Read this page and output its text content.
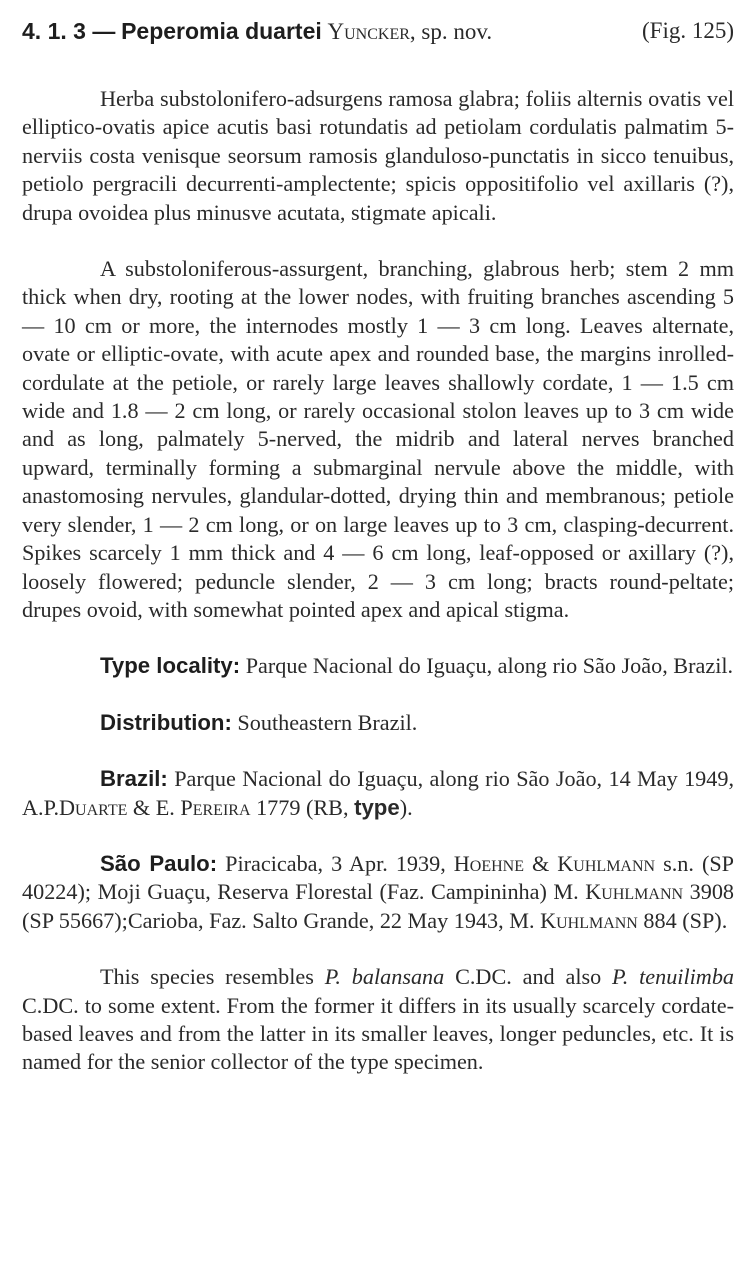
4. 1. 3 — Peperomia duartei Yuncker, sp. nov.	(Fig. 125)

Herba substolonifero-adsurgens ramosa glabra; foliis alternis ovatis vel elliptico-ovatis apice acutis basi rotundatis ad petiolam cordulatis palmatim 5-nerviis costa venisque seorsum ramosis glanduloso-punctatis in sicco tenuibus, petiolo pergracili decurrenti-amplectente; spicis oppositifolio vel axillaris (?), drupa ovoidea plus minusve acutata, stigmate apicali.

A substoloniferous-assurgent, branching, glabrous herb; stem 2 mm thick when dry, rooting at the lower nodes, with fruiting branches ascending 5 — 10 cm or more, the internodes mostly 1 — 3 cm long. Leaves alternate, ovate or elliptic-ovate, with acute apex and rounded base, the margins inrolled-cordulate at the petiole, or rarely large leaves shallowly cordate, 1 — 1.5 cm wide and 1.8 — 2 cm long, or rarely occasional stolon leaves up to 3 cm wide and as long, palmately 5-nerved, the midrib and lateral nerves branched upward, terminally forming a submarginal nervule above the middle, with anastomosing nervules, glandular-dotted, drying thin and membranous; petiole very slender, 1 — 2 cm long, or on large leaves up to 3 cm, clasping-decurrent. Spikes scarcely 1 mm thick and 4 — 6 cm long, leaf-opposed or axillary (?), loosely flowered; peduncle slender, 2 — 3 cm long; bracts round-peltate; drupes ovoid, with somewhat pointed apex and apical stigma.

Type locality: Parque Nacional do Iguaçu, along rio São João, Brazil.

Distribution: Southeastern Brazil.

Brazil: Parque Nacional do Iguaçu, along rio São João, 14 May 1949, A.P.Duarte & E. Pereira 1779 (RB, type).

São Paulo: Piracicaba, 3 Apr. 1939, Hoehne & Kuhlmann s.n. (SP 40224); Moji Guaçu, Reserva Florestal (Faz. Campininha) M. Kuhlmann 3908 (SP 55667);Carioba, Faz. Salto Grande, 22 May 1943, M. Kuhlmann 884 (SP).

This species resembles P. balansana C.DC. and also P. tenuilimba C.DC. to some extent. From the former it differs in its usually scarcely cordate-based leaves and from the latter in its smaller leaves, longer peduncles, etc. It is named for the senior collector of the type specimen.
